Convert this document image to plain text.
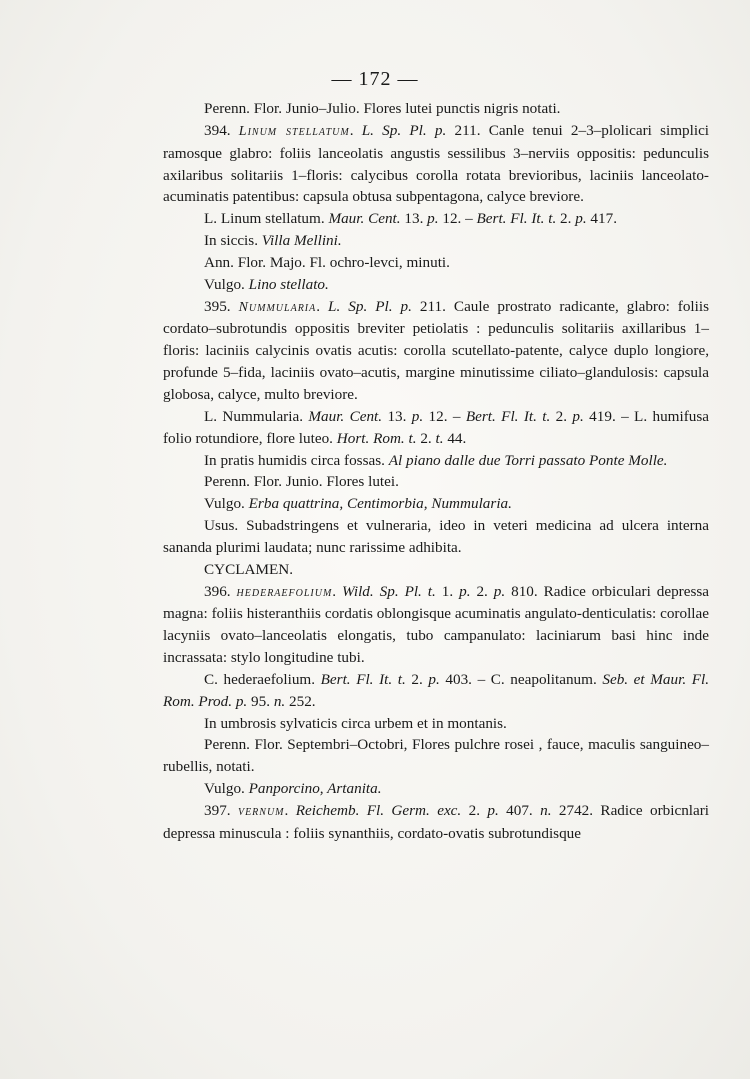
— 172 —

Perenn. Flor. Junio–Julio. Flores lutei punctis nigris notati.

394. Linum stellatum. L. Sp. Pl. p. 211. Canle tenui 2–3–plolicari simplici ramosque glabro: foliis lanceolatis angustis sessilibus 3–nerviis oppositis: pedunculis axilaribus solitariis 1–floris: calycibus corolla rotata brevioribus, laciniis lanceolato-acuminatis patentibus: capsula obtusa subpentagona, calyce breviore.

L. Linum stellatum. Maur. Cent. 13. p. 12. – Bert. Fl. It. t. 2. p. 417.

In siccis. Villa Mellini.

Ann. Flor. Majo. Fl. ochro-levci, minuti.

Vulgo. Lino stellato.

395. Nummularia. L. Sp. Pl. p. 211. Caule prostrato radicante, glabro: foliis cordato–subrotundis oppositis breviter petiolatis : pedunculis solitariis axillaribus 1–floris: laciniis calycinis ovatis acutis: corolla scutellato-patente, calyce duplo longiore, profunde 5–fida, laciniis ovato–acutis, margine minutissime ciliato–glandulosis: capsula globosa, calyce, multo breviore.

L. Nummularia. Maur. Cent. 13. p. 12. – Bert. Fl. It. t. 2. p. 419. – L. humifusa folio rotundiore, flore luteo. Hort. Rom. t. 2. t. 44.

In pratis humidis circa fossas. Al piano dalle due Torri passato Ponte Molle.

Perenn. Flor. Junio. Flores lutei.

Vulgo. Erba quattrina, Centimorbia, Nummularia.

Usus. Subadstringens et vulneraria, ideo in veteri medicina ad ulcera interna sananda plurimi laudata; nunc rarissime adhibita.

CYCLAMEN.

396. hederaefolium. Wild. Sp. Pl. t. 1. p. 2. p. 810. Radice orbiculari depressa magna: foliis histeranthiis cordatis oblongisque acuminatis angulato-denticulatis: corollae lacyniis ovato–lanceolatis elongatis, tubo campanulato: laciniarum basi hinc inde incrassata: stylo longitudine tubi.

C. hederaefolium. Bert. Fl. It. t. 2. p. 403. – C. neapolitanum. Seb. et Maur. Fl. Rom. Prod. p. 95. n. 252.

In umbrosis sylvaticis circa urbem et in montanis.

Perenn. Flor. Septembri–Octobri, Flores pulchre rosei , fauce, maculis sanguineo–rubellis, notati.

Vulgo. Panporcino, Artanita.

397. vernum. Reichemb. Fl. Germ. exc. 2. p. 407. n. 2742. Radice orbicnlari depressa minuscula : foliis synanthiis, cordato-ovatis subrotundisque
